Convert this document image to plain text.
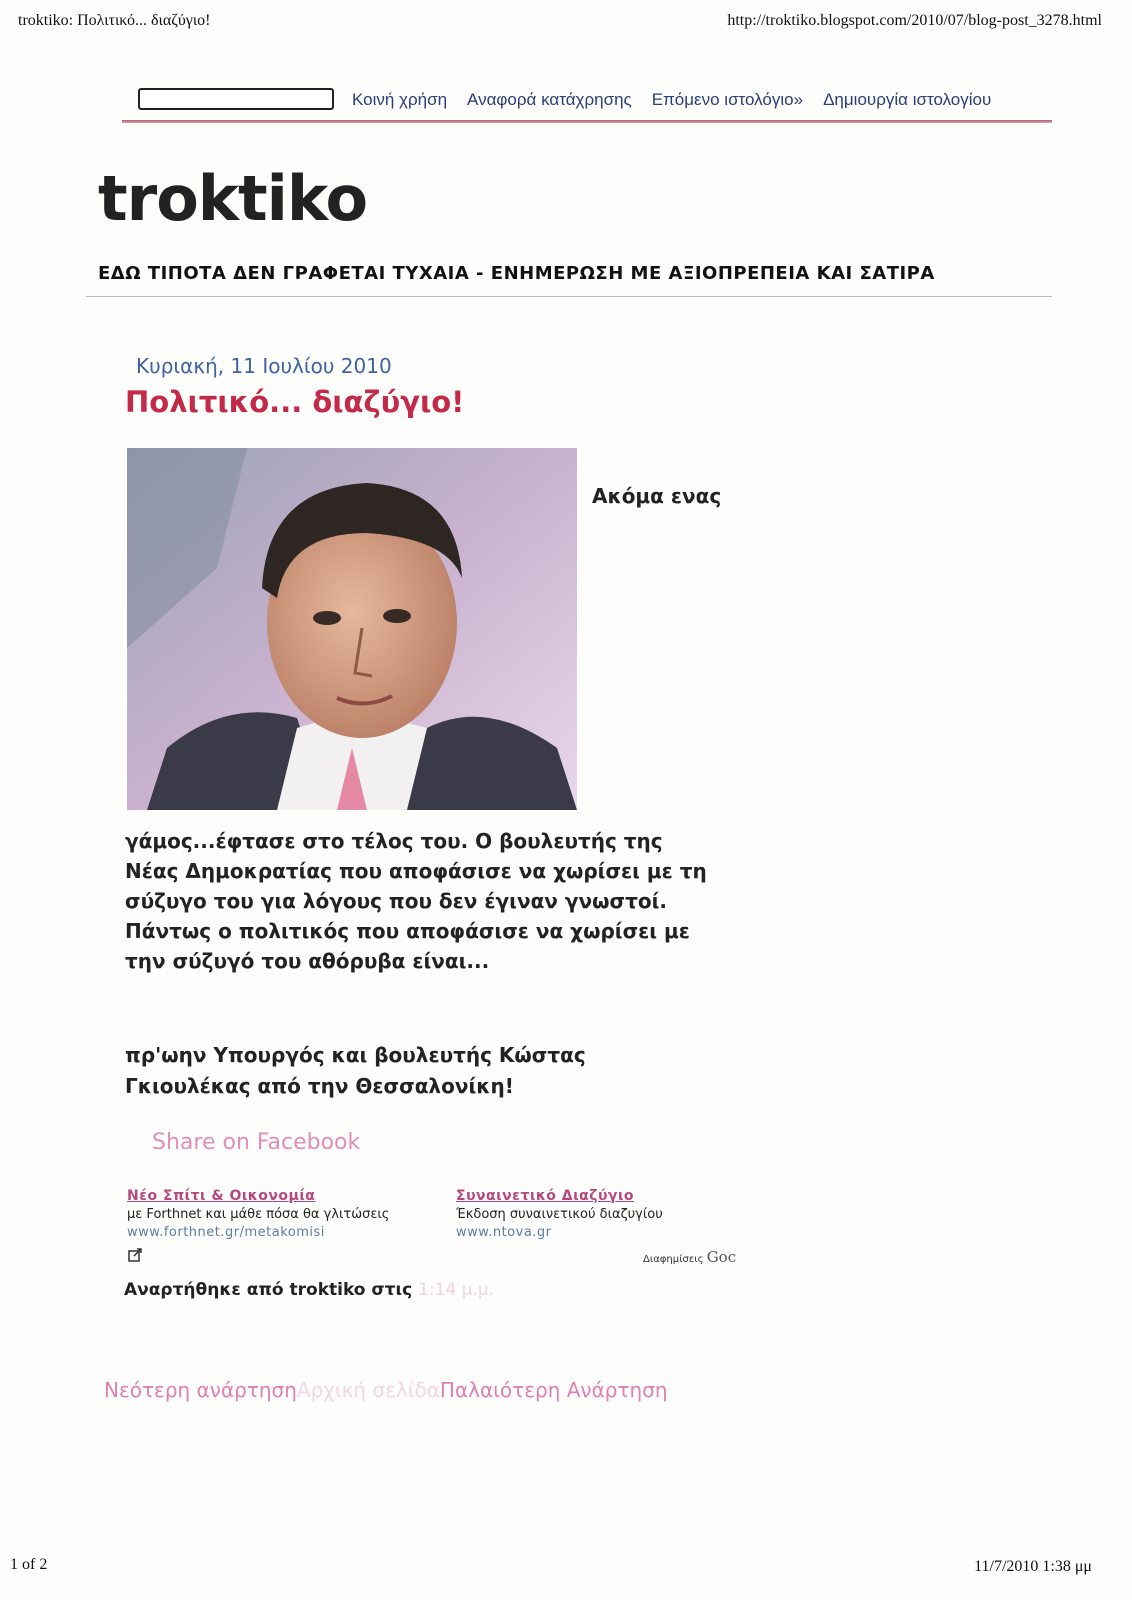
troktiko: Πολιτικό... διαζύγιο!	http://troktiko.blogspot.com/2010/07/blog-post_3278.html
Κοινή χρήση Αναφορά κατάχρησης Επόμενο ιστολόγιο» Δημιουργία ιστολογίου
troktiko

ΕΔΩ ΤΙΠΟΤΑ ΔΕΝ ΓΡΑΦΕΤΑΙ ΤΥΧΑΙΑ - ΕΝΗΜΕΡΩΣΗ ΜΕ ΑΞΙΟΠΡΕΠΕΙΑ ΚΑΙ ΣΑΤΙΡΑ

Κυριακή, 11 Ιουλίου 2010

Πολιτικό... διαζύγιο!
Ακόμα ενας
γάμος...έφτασε στο τέλος του. Ο βουλευτής της
Νέας Δημοκρατίας που αποφάσισε να χωρίσει με τη
σύζυγο του για λόγους που δεν έγιναν γνωστοί.
Πάντως ο πολιτικός που αποφάσισε να χωρίσει με
την σύζυγό του αθόρυβα είναι...
πρ'ωην Υπουργός και βουλευτής Κώστας
Γκιουλέκας από την Θεσσαλονίκη!
Share on Facebook
Νέο Σπίτι & Οικονομία
με Forthnet και μάθε πόσα θα γλιτώσεις
www.forthnet.gr/metakomisi
Συναινετικό Διαζύγιο
Έκδοση συναινετικού διαζυγίου
www.ntova.gr
Διαφημίσεις Goc
Αναρτήθηκε από troktiko στις 1:14 μ.μ.
Νεότερη ανάρτησηΑρχική σελίδαΠαλαιότερη Ανάρτηση
1 of 2	11/7/2010 1:38 μμ
